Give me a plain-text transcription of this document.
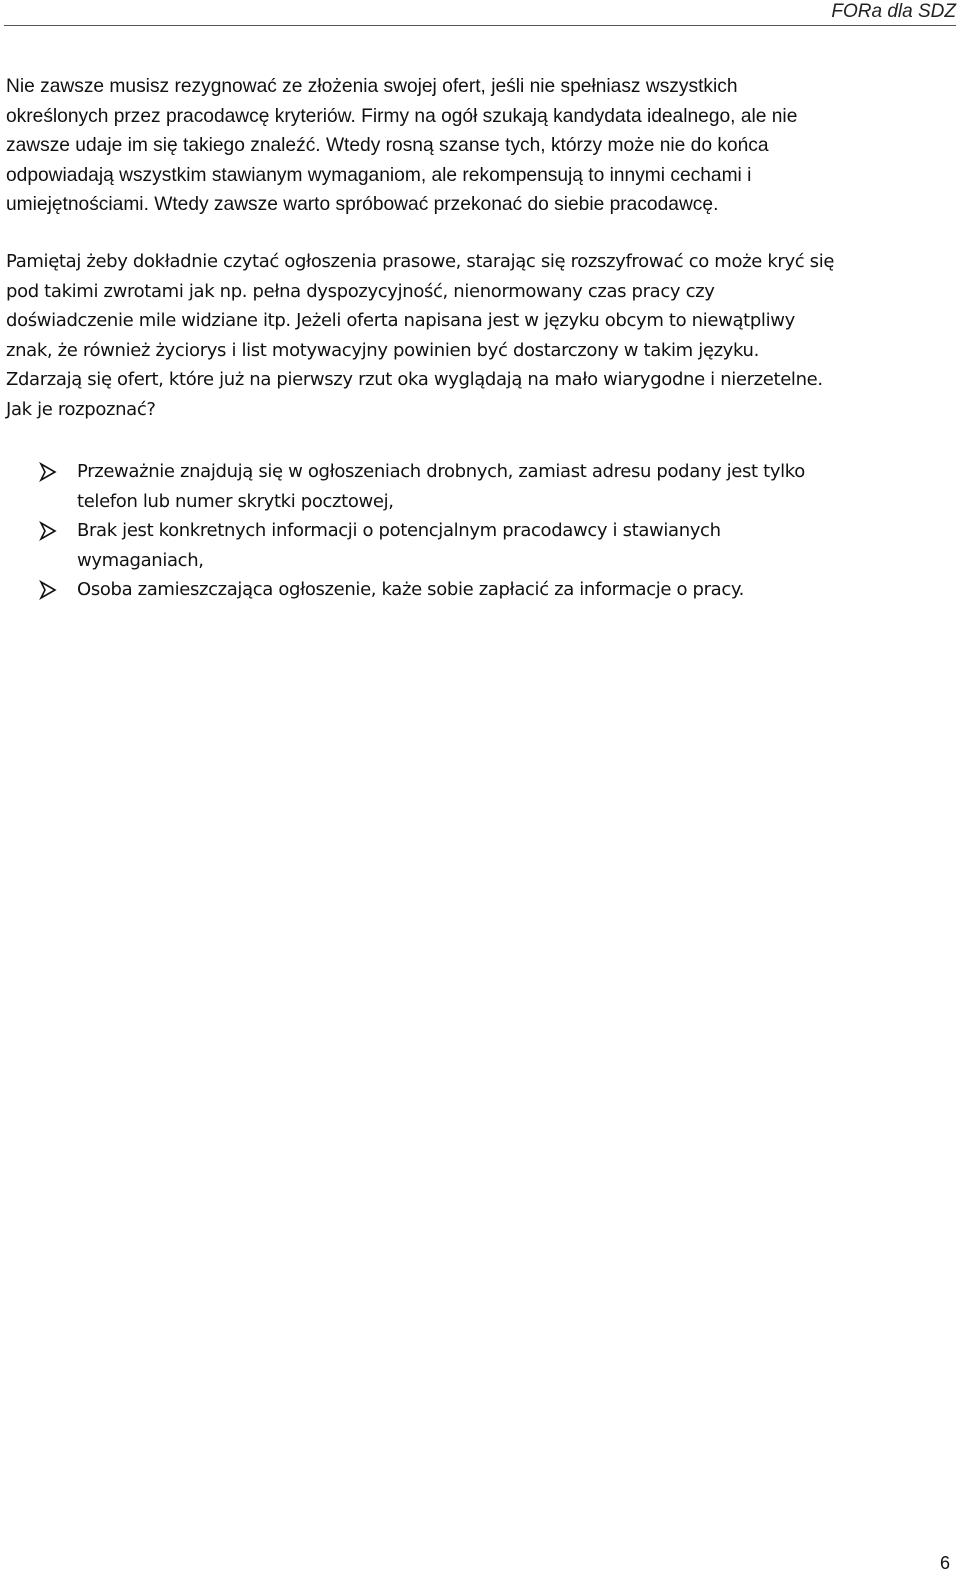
FORa dla SDZ
Nie zawsze musisz rezygnować ze złożenia swojej ofert, jeśli nie spełniasz wszystkich
określonych przez pracodawcę kryteriów. Firmy na ogół szukają kandydata idealnego, ale nie
zawsze udaje im się takiego znaleźć. Wtedy rosną szanse tych, którzy może nie do końca
odpowiadają wszystkim stawianym wymaganiom, ale rekompensują to innymi cechami i
umiejętnościami. Wtedy zawsze warto spróbować przekonać do siebie pracodawcę.
Pamiętaj żeby dokładnie czytać ogłoszenia prasowe, starając się rozszyfrować co może kryć się
pod takimi zwrotami jak np. pełna dyspozycyjność, nienormowany czas pracy czy
doświadczenie mile widziane itp. Jeżeli oferta napisana jest w języku obcym to niewątpliwy
znak, że również życiorys i list motywacyjny powinien być dostarczony w takim języku.
Zdarzają się ofert, które już na pierwszy rzut oka wyglądają na mało wiarygodne i nierzetelne.
Jak je rozpoznać?
Przeważnie znajdują się w ogłoszeniach drobnych, zamiast adresu podany jest tylko
telefon lub numer skrytki pocztowej,
Brak jest konkretnych informacji o potencjalnym pracodawcy i stawianych
wymaganiach,
Osoba zamieszczająca ogłoszenie, każe sobie zapłacić za informacje o pracy.
6
